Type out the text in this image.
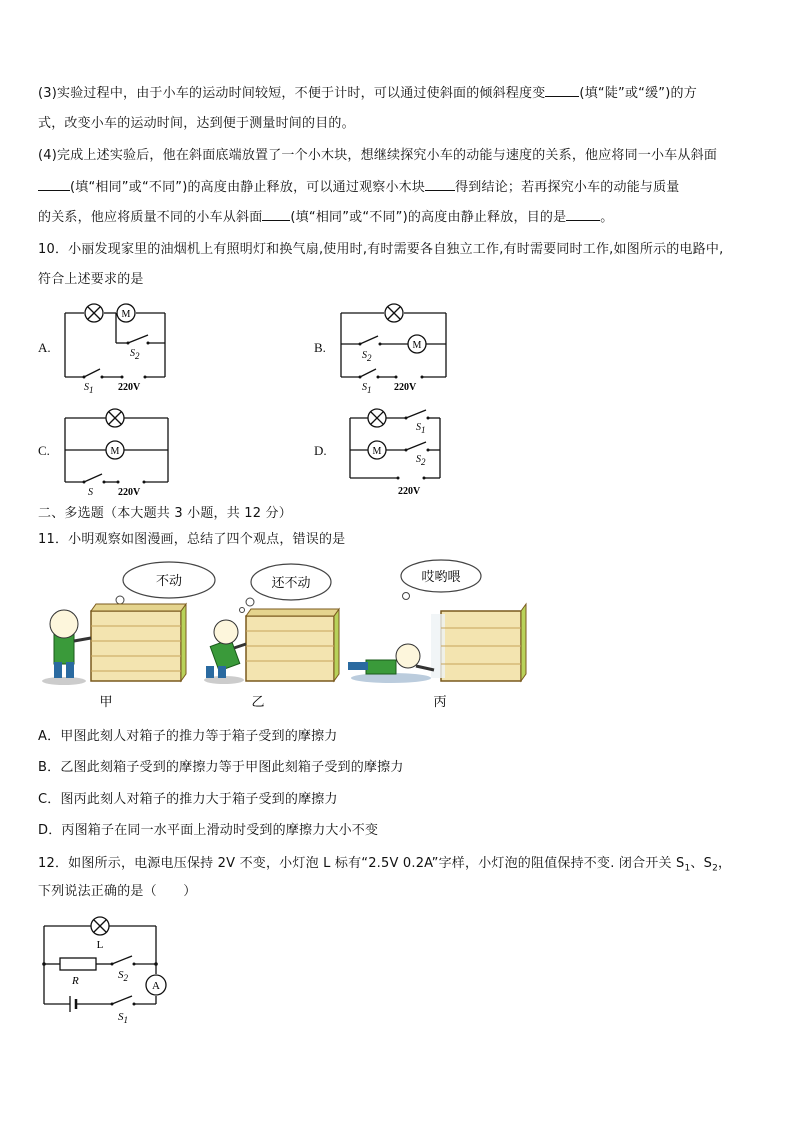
(3)实验过程中，由于小车的运动时间较短，不便于计时，可以通过使斜面的倾斜程度变	(填“陡”或“缓”)的方
式，改变小车的运动时间，达到便于测量时间的目的。
(4)完成上述实验后，他在斜面底端放置了一个小木块，想继续探究小车的动能与速度的关系，他应将同一小车从斜面
(填“相同”或“不同”)的高度由静止释放，可以通过观察小木块 得到结论；若再探究小车的动能与质量
的关系，他应将质量不同的小车从斜面 (填“相同”或“不同”)的高度由静止释放，目的是	。
10．小丽发现家里的油烟机上有照明灯和换气扇,使用时,有时需要各自独立工作,有时需要同时工作,如图所示的电路中,
符合上述要求的是
A.	B.
C.	D.
M
S2
S1 220V
M
S2
S1 220V
M
S	220V
M
S1
S2
220V
二、多选题（本大题共 3 小题，共 12 分）
11．小明观察如图漫画，总结了四个观点，错误的是
不动
甲
还不动
乙
哎哟喂
丙
A．甲图此刻人对箱子的推力等于箱子受到的摩擦力
B．乙图此刻箱子受到的摩擦力等于甲图此刻箱子受到的摩擦力
C．图丙此刻人对箱子的推力大于箱子受到的摩擦力
D．丙图箱子在同一水平面上滑动时受到的摩擦力大小不变
12．如图所示，电源电压保持 2V 不变，小灯泡 L 标有“2.5V 0.2A”字样，小灯泡的阻值保持不变. 闭合开关 $S_1$、$S_2$，
下列说法正确的是（　　）
L
R	$S_2$
$S_1$
A
